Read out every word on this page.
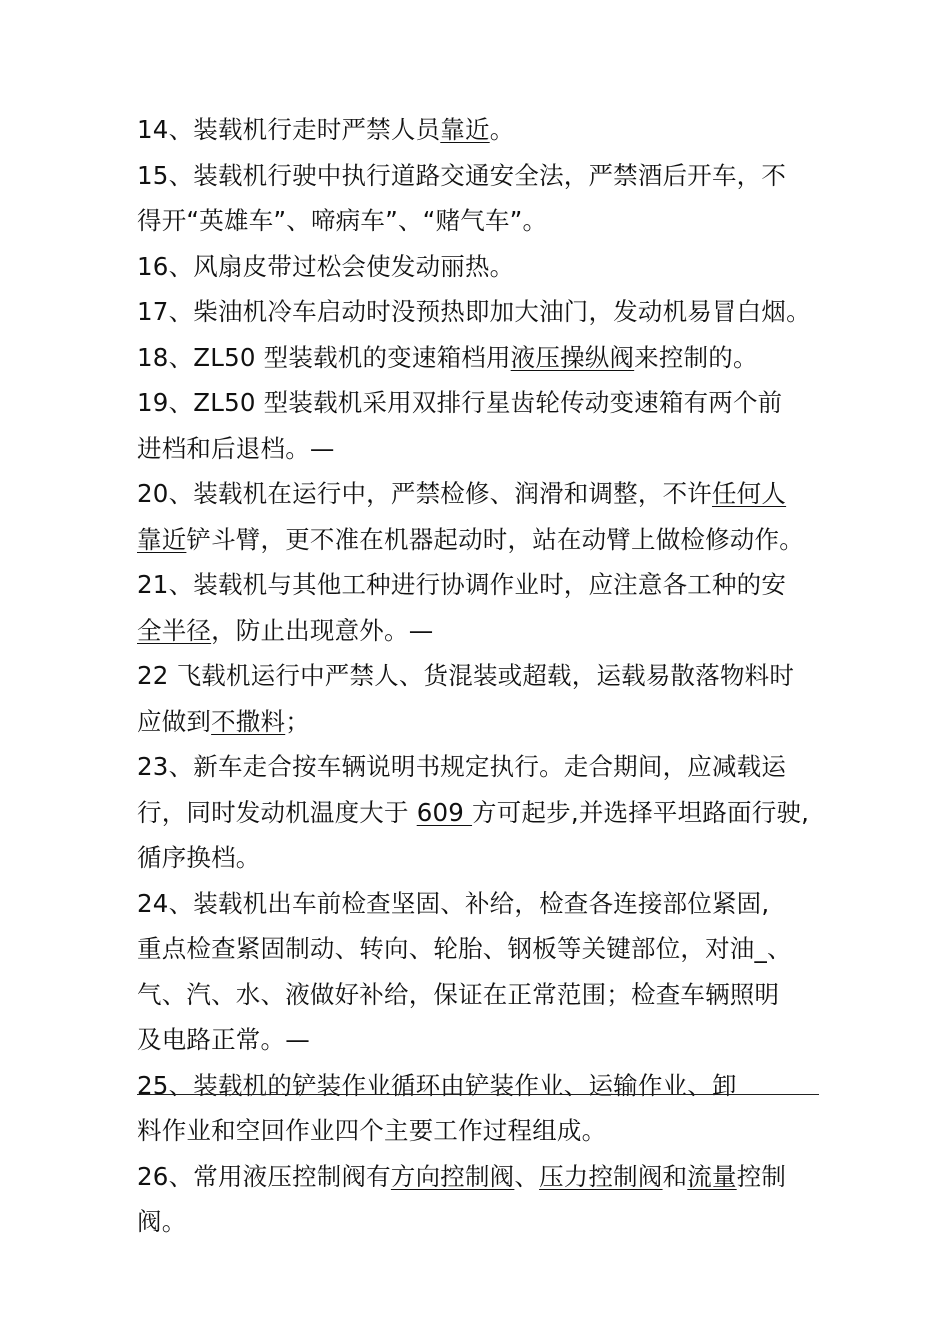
14、装载机行走时严禁人员靠近。
15、装载机行驶中执行道路交通安全法，严禁酒后开车，不
得开“英雄车”、啼病车”、“赌气车”。
16、风扇皮带过松会使发动丽热。
17、柴油机冷车启动时没预热即加大油门，发动机易冒白烟。
18、ZL50 型装载机的变速箱档用液压操纵阀来控制的。
19、ZL50 型装载机采用双排行星齿轮传动变速箱有两个前
进档和后退档。—
20、装载机在运行中，严禁检修、润滑和调整，不许任何人
靠近铲斗臂，更不准在机器起动时，站在动臂上做检修动作。
21、装载机与其他工种进行协调作业时，应注意各工种的安
全半径，防止出现意外。—
22 飞载机运行中严禁人、货混装或超载，运载易散落物料时
应做到不撒料；
23、新车走合按车辆说明书规定执行。走合期间，应减载运
行，同时发动机温度大于 609 方可起步,并选择平坦路面行驶,
循序换档。
24、装载机出车前检查坚固、补给，检查各连接部位紧固,
重点检查紧固制动、转向、轮胎、钢板等关键部位，对油_、
气、汽、水、液做好补给，保证在正常范围；检查车辆照明
及电路正常。—
25、装载机的铲装作业循环由铲装作业、运输作业、卸
料作业和空回作业四个主要工作过程组成。
26、常用液压控制阀有方向控制阀、压力控制阀和流量控制
阀。
